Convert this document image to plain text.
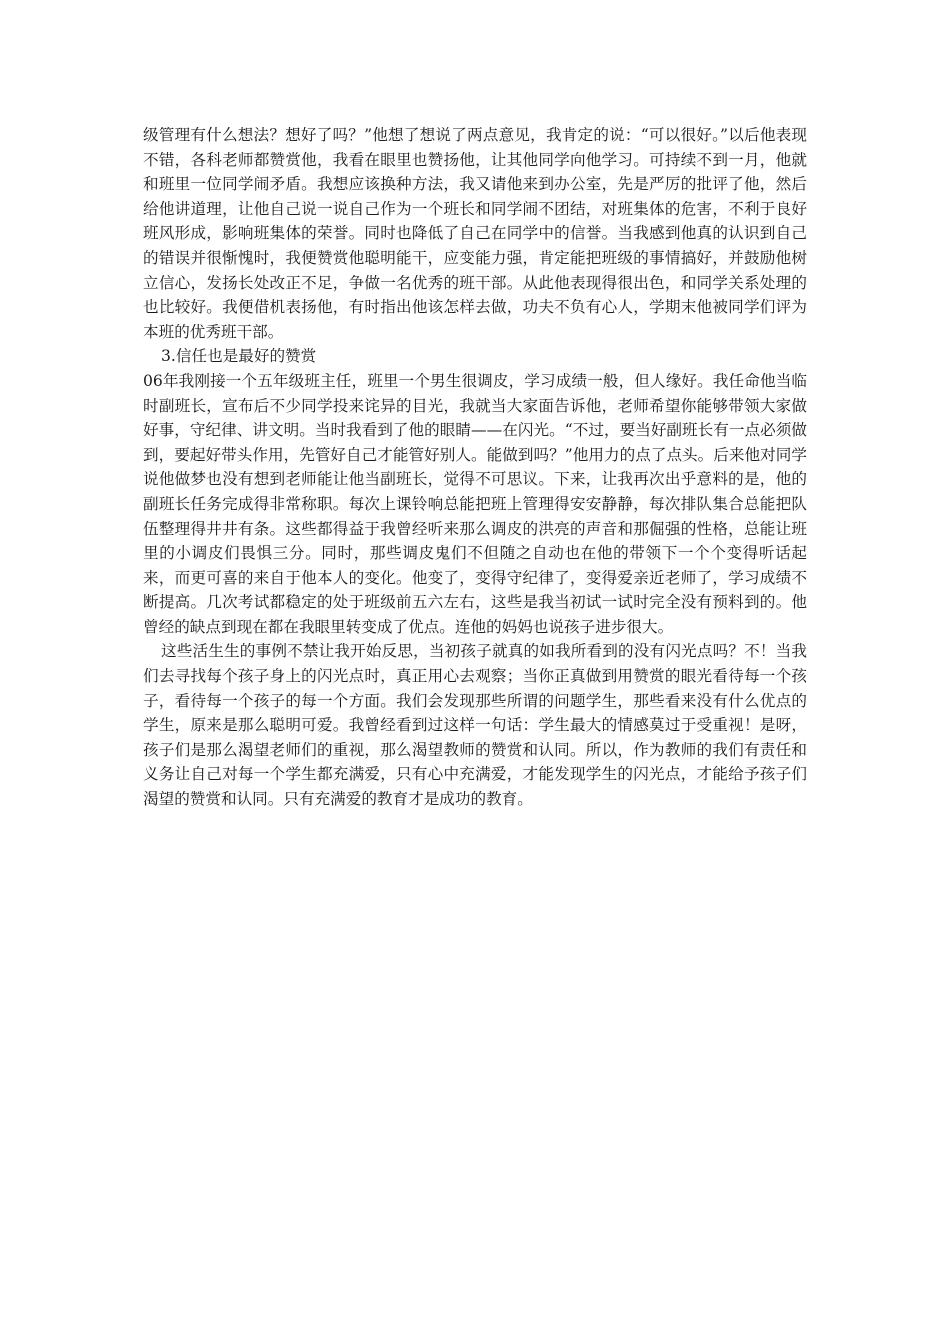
级管理有什么想法？想好了吗？”他想了想说了两点意见，我肯定的说：“可以很好。”以后他表现不错，各科老师都赞赏他，我看在眼里也赞扬他，让其他同学向他学习。可持续不到一月，他就和班里一位同学闹矛盾。我想应该换种方法，我又请他来到办公室，先是严厉的批评了他，然后给他讲道理，让他自己说一说自己作为一个班长和同学闹不团结，对班集体的危害，不利于良好班风形成，影响班集体的荣誉。同时也降低了自己在同学中的信誉。当我感到他真的认识到自己的错误并很惭愧时，我便赞赏他聪明能干，应变能力强，肯定能把班级的事情搞好，并鼓励他树立信心，发扬长处改正不足，争做一名优秀的班干部。从此他表现得很出色，和同学关系处理的也比较好。我便借机表扬他，有时指出他该怎样去做，功夫不负有心人，学期末他被同学们评为本班的优秀班干部。

3.信任也是最好的赞赏

06年我刚接一个五年级班主任，班里一个男生很调皮，学习成绩一般，但人缘好。我任命他当临时副班长，宣布后不少同学投来诧异的目光，我就当大家面告诉他，老师希望你能够带领大家做好事，守纪律、讲文明。当时我看到了他的眼睛——在闪光。“不过，要当好副班长有一点必须做到，要起好带头作用，先管好自己才能管好别人。能做到吗？”他用力的点了点头。后来他对同学说他做梦也没有想到老师能让他当副班长，觉得不可思议。下来，让我再次出乎意料的是，他的副班长任务完成得非常称职。每次上课铃响总能把班上管理得安安静静，每次排队集合总能把队伍整理得井井有条。这些都得益于我曾经听来那么调皮的洪亮的声音和那倔强的性格，总能让班里的小调皮们畏惧三分。同时，那些调皮鬼们不但随之自动也在他的带领下一个个变得听话起来，而更可喜的来自于他本人的变化。他变了，变得守纪律了，变得爱亲近老师了，学习成绩不断提高。几次考试都稳定的处于班级前五六左右，这些是我当初试一试时完全没有预料到的。他曾经的缺点到现在都在我眼里转变成了优点。连他的妈妈也说孩子进步很大。

这些活生生的事例不禁让我开始反思，当初孩子就真的如我所看到的没有闪光点吗？不！当我们去寻找每个孩子身上的闪光点时，真正用心去观察；当你正真做到用赞赏的眼光看待每一个孩子，看待每一个孩子的每一个方面。我们会发现那些所谓的问题学生，那些看来没有什么优点的学生，原来是那么聪明可爱。我曾经看到过这样一句话：学生最大的情感莫过于受重视！是呀，孩子们是那么渴望老师们的重视，那么渴望教师的赞赏和认同。所以，作为教师的我们有责任和义务让自己对每一个学生都充满爱，只有心中充满爱，才能发现学生的闪光点，才能给予孩子们渴望的赞赏和认同。只有充满爱的教育才是成功的教育。
